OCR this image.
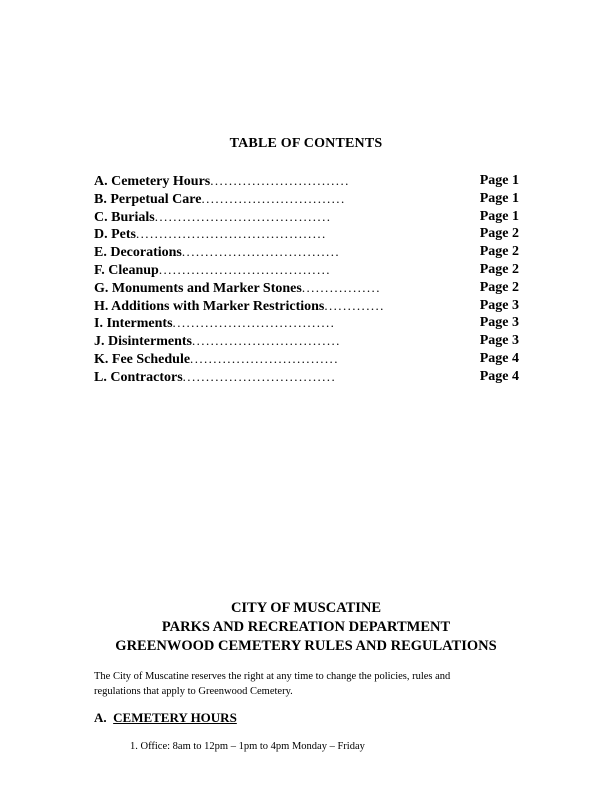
TABLE OF CONTENTS
A. Cemetery Hours ..............................	Page 1
B. Perpetual Care ...............................	Page 1
C. Burials ......................................	Page 1
D. Pets .........................................	Page 2
E. Decorations ..................................	Page 2
F. Cleanup .....................................	Page 2
G. Monuments and Marker Stones .................	Page 2
H. Additions with Marker Restrictions .............	Page 3
I. Interments ...................................	Page 3
J. Disinterments ................................	Page 3
K. Fee Schedule ................................	Page 4
L. Contractors .................................	Page 4
CITY OF MUSCATINE
PARKS AND RECREATION DEPARTMENT
GREENWOOD CEMETERY RULES AND REGULATIONS
The City of Muscatine reserves the right at any time to change the policies, rules and
regulations that apply to Greenwood Cemetery.
A. CEMETERY HOURS
1. Office: 8am to 12pm – 1pm to 4pm Monday – Friday
